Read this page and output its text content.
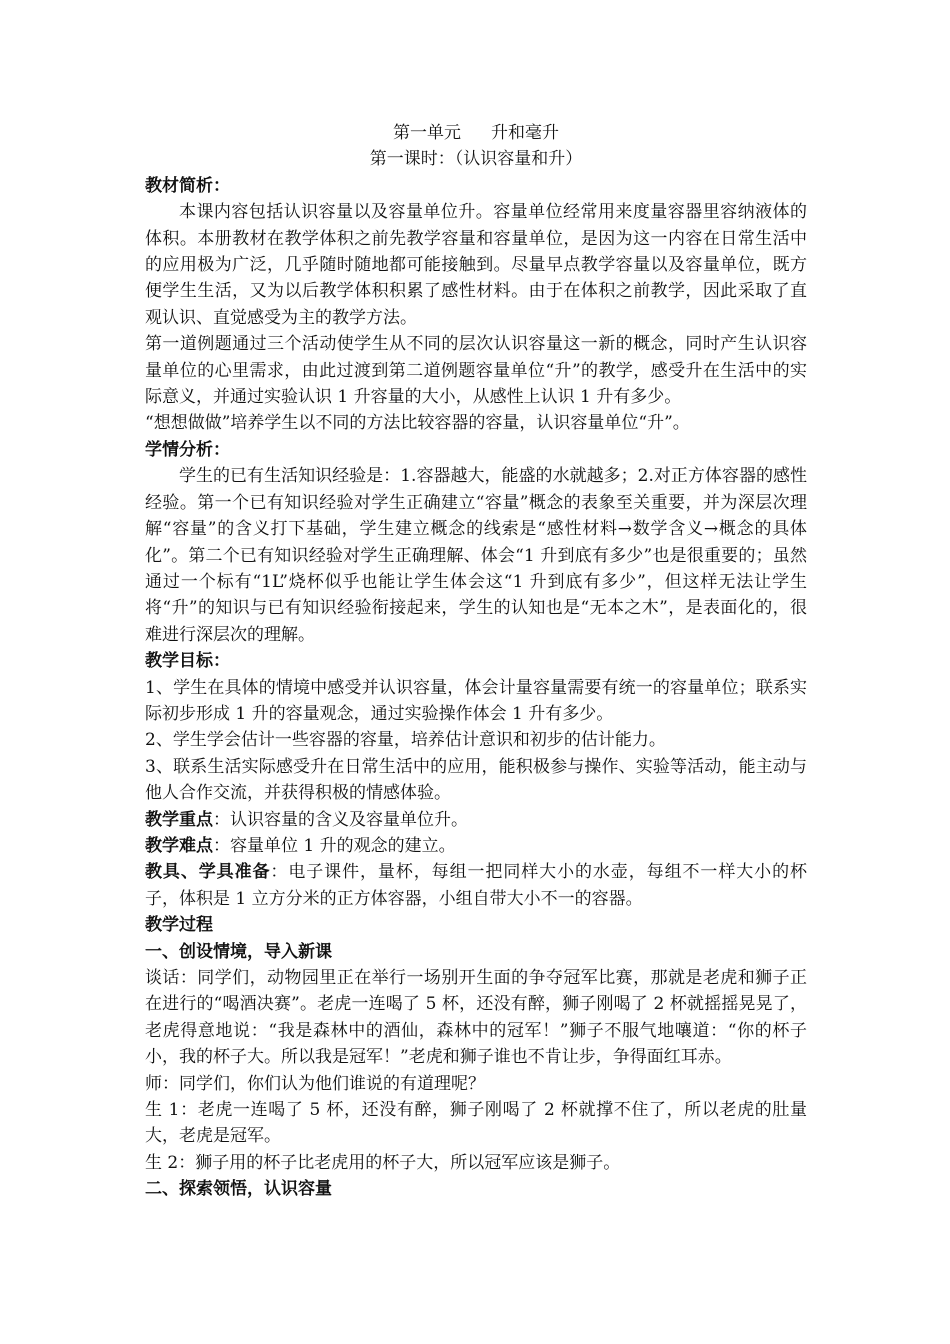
第一单元 升和毫升

第一课时：（认识容量和升）

教材简析：

本课内容包括认识容量以及容量单位升。容量单位经常用来度量容器里容纳液体的体积。本册教材在教学体积之前先教学容量和容量单位，是因为这一内容在日常生活中的应用极为广泛，几乎随时随地都可能接触到。尽量早点教学容量以及容量单位，既方便学生生活，又为以后教学体积积累了感性材料。由于在体积之前教学，因此采取了直观认识、直觉感受为主的教学方法。

第一道例题通过三个活动使学生从不同的层次认识容量这一新的概念，同时产生认识容量单位的心里需求，由此过渡到第二道例题容量单位“升”的教学，感受升在生活中的实际意义，并通过实验认识 1 升容量的大小，从感性上认识 1 升有多少。

“想想做做”培养学生以不同的方法比较容器的容量，认识容量单位“升”。

学情分析：

学生的已有生活知识经验是：1.容器越大，能盛的水就越多；2.对正方体容器的感性经验。第一个已有知识经验对学生正确建立“容量”概念的表象至关重要，并为深层次理解“容量”的含义打下基础，学生建立概念的线索是“感性材料→数学含义→概念的具体化”。第二个已有知识经验对学生正确理解、体会“1 升到底有多少”也是很重要的；虽然通过一个标有“1L”烧杯似乎也能让学生体会这“1 升到底有多少”，但这样无法让学生将“升”的知识与已有知识经验衔接起来，学生的认知也是“无本之木”，是表面化的，很难进行深层次的理解。

教学目标：

1、学生在具体的情境中感受并认识容量，体会计量容量需要有统一的容量单位；联系实际初步形成 1 升的容量观念，通过实验操作体会 1 升有多少。

2、学生学会估计一些容器的容量，培养估计意识和初步的估计能力。

3、联系生活实际感受升在日常生活中的应用，能积极参与操作、实验等活动，能主动与他人合作交流，并获得积极的情感体验。

教学重点：认识容量的含义及容量单位升。

教学难点：容量单位 1 升的观念的建立。

教具、学具准备：电子课件，量杯，每组一把同样大小的水壶，每组不一样大小的杯子，体积是 1 立方分米的正方体容器，小组自带大小不一的容器。

教学过程

一、创设情境，导入新课

谈话：同学们，动物园里正在举行一场别开生面的争夺冠军比赛，那就是老虎和狮子正在进行的“喝酒决赛”。老虎一连喝了 5 杯，还没有醉，狮子刚喝了 2 杯就摇摇晃晃了，老虎得意地说：“我是森林中的酒仙，森林中的冠军！”狮子不服气地嚷道：“你的杯子小，我的杯子大。所以我是冠军！”老虎和狮子谁也不肯让步，争得面红耳赤。

师：同学们，你们认为他们谁说的有道理呢？

生 1：老虎一连喝了 5 杯，还没有醉，狮子刚喝了 2 杯就撑不住了，所以老虎的肚量大，老虎是冠军。

生 2：狮子用的杯子比老虎用的杯子大，所以冠军应该是狮子。

二、探索领悟，认识容量
